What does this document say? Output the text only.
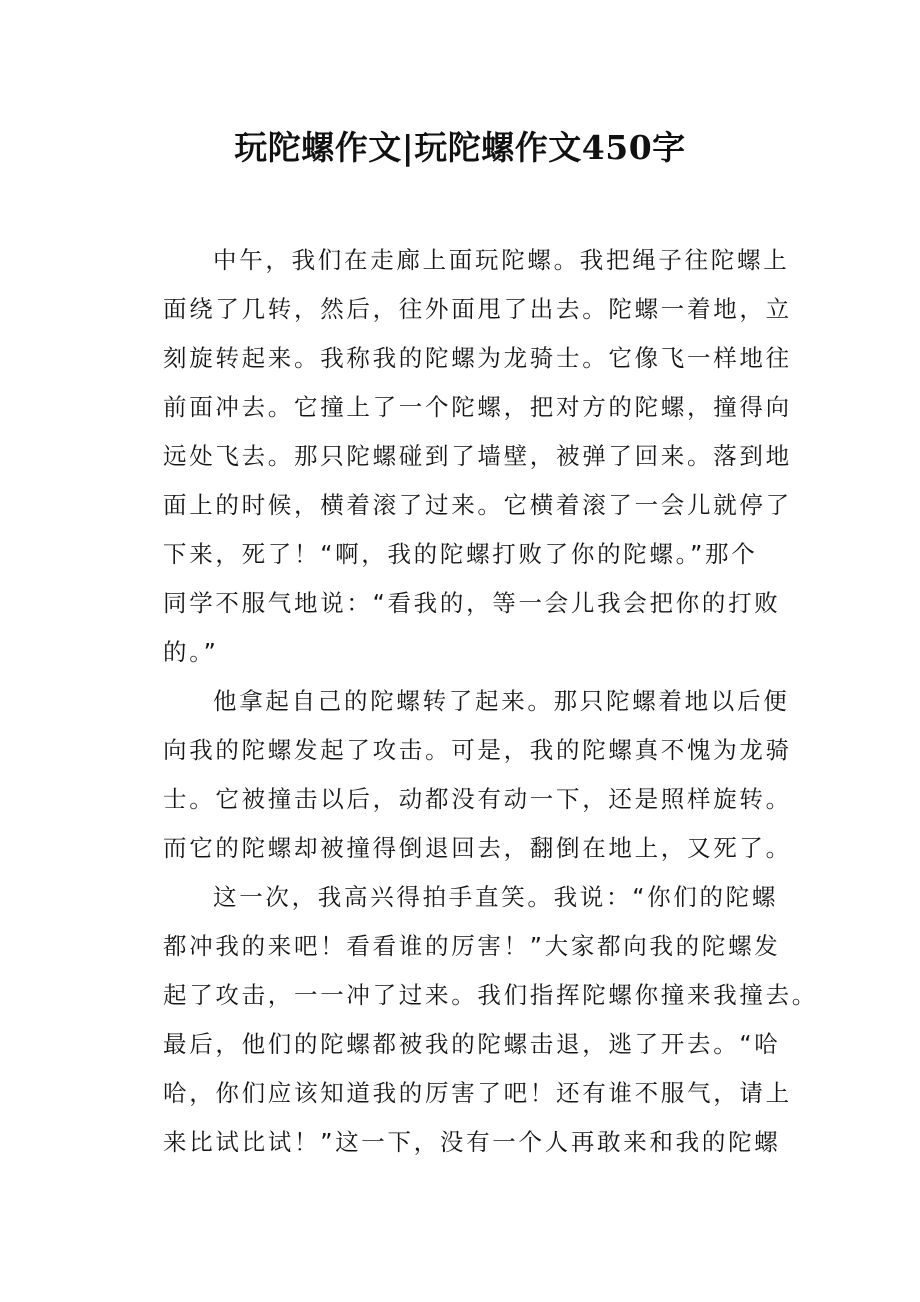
玩陀螺作文|玩陀螺作文450字
中午，我们在走廊上面玩陀螺。我把绳子往陀螺上
面绕了几转，然后，往外面甩了出去。陀螺一着地，立
刻旋转起来。我称我的陀螺为龙骑士。它像飞一样地往
前面冲去。它撞上了一个陀螺，把对方的陀螺，撞得向
远处飞去。那只陀螺碰到了墙壁，被弹了回来。落到地
面上的时候，横着滚了过来。它横着滚了一会儿就停了
下来，死了！“啊，我的陀螺打败了你的陀螺。”那个
同学不服气地说：“看我的，等一会儿我会把你的打败
的。”
他拿起自己的陀螺转了起来。那只陀螺着地以后便
向我的陀螺发起了攻击。可是，我的陀螺真不愧为龙骑
士。它被撞击以后，动都没有动一下，还是照样旋转。
而它的陀螺却被撞得倒退回去，翻倒在地上，又死了。
这一次，我高兴得拍手直笑。我说：“你们的陀螺
都冲我的来吧！看看谁的厉害！”大家都向我的陀螺发
起了攻击，一一冲了过来。我们指挥陀螺你撞来我撞去。
最后，他们的陀螺都被我的陀螺击退，逃了开去。“哈
哈，你们应该知道我的厉害了吧！还有谁不服气，请上
来比试比试！”这一下，没有一个人再敢来和我的陀螺
